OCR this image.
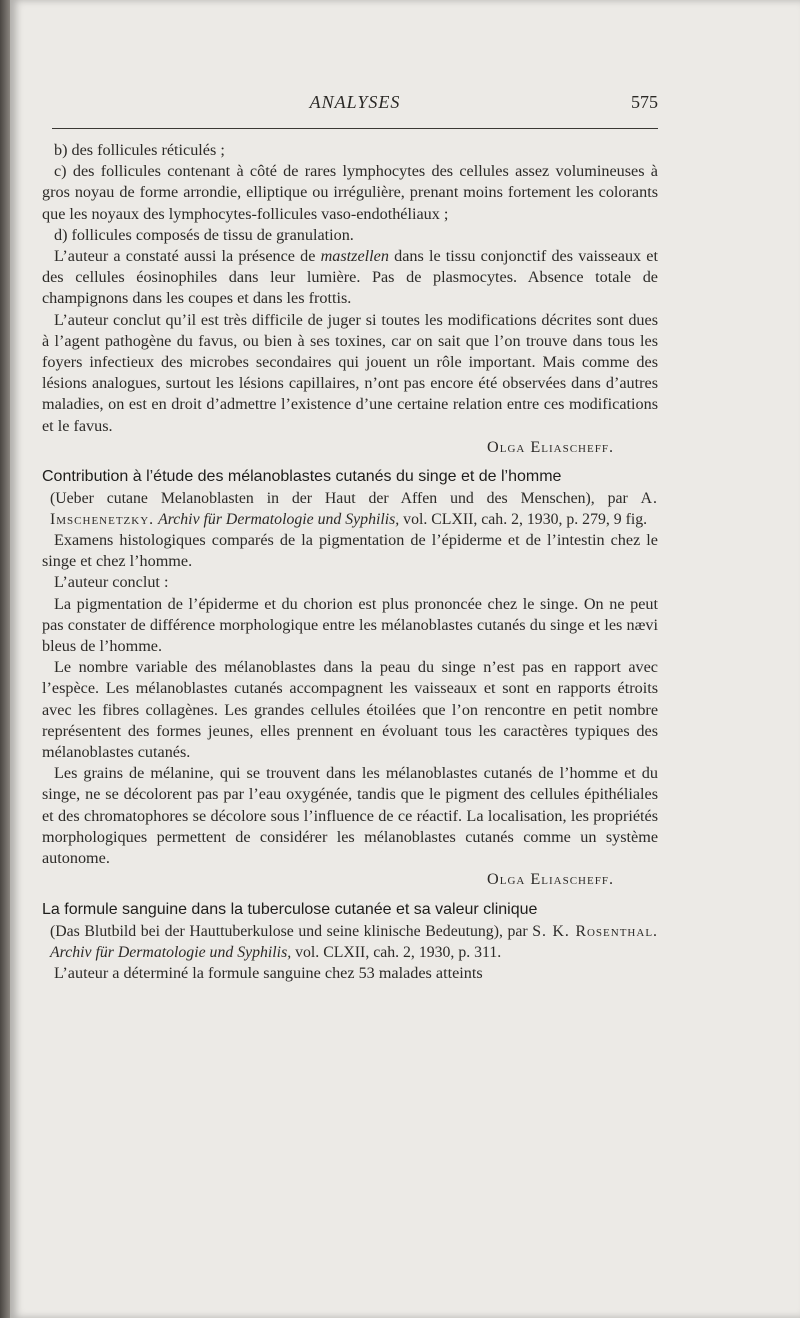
ANALYSES	575

b) des follicules réticulés ;

c) des follicules contenant à côté de rares lymphocytes des cellules assez volumineuses à gros noyau de forme arrondie, elliptique ou irrégulière, prenant moins fortement les colorants que les noyaux des lymphocytes-follicules vaso-endothéliaux ;

d) follicules composés de tissu de granulation.

L’auteur a constaté aussi la présence de mastzellen dans le tissu conjonctif des vaisseaux et des cellules éosinophiles dans leur lumière. Pas de plasmocytes. Absence totale de champignons dans les coupes et dans les frottis.

L’auteur conclut qu’il est très difficile de juger si toutes les modifications décrites sont dues à l’agent pathogène du favus, ou bien à ses toxines, car on sait que l’on trouve dans tous les foyers infectieux des microbes secondaires qui jouent un rôle important. Mais comme des lésions analogues, surtout les lésions capillaires, n’ont pas encore été observées dans d’autres maladies, on est en droit d’admettre l’existence d’une certaine relation entre ces modifications et le favus.

Olga Eliascheff.

Contribution à l’étude des mélanoblastes cutanés du singe et de l’homme

(Ueber cutane Melanoblasten in der Haut der Affen und des Menschen), par A. Imschenetzky. Archiv für Dermatologie und Syphilis, vol. CLXII, cah. 2, 1930, p. 279, 9 fig.

Examens histologiques comparés de la pigmentation de l’épiderme et de l’intestin chez le singe et chez l’homme.

L’auteur conclut :

La pigmentation de l’épiderme et du chorion est plus prononcée chez le singe. On ne peut pas constater de différence morphologique entre les mélanoblastes cutanés du singe et les nævi bleus de l’homme.

Le nombre variable des mélanoblastes dans la peau du singe n’est pas en rapport avec l’espèce. Les mélanoblastes cutanés accompagnent les vaisseaux et sont en rapports étroits avec les fibres collagènes. Les grandes cellules étoilées que l’on rencontre en petit nombre représentent des formes jeunes, elles prennent en évoluant tous les caractères typiques des mélanoblastes cutanés.

Les grains de mélanine, qui se trouvent dans les mélanoblastes cutanés de l’homme et du singe, ne se décolorent pas par l’eau oxygénée, tandis que le pigment des cellules épithéliales et des chromatophores se décolore sous l’influence de ce réactif. La localisation, les propriétés morphologiques permettent de considérer les mélanoblastes cutanés comme un système autonome.

Olga Eliascheff.

La formule sanguine dans la tuberculose cutanée et sa valeur clinique

(Das Blutbild bei der Hauttuberkulose und seine klinische Bedeutung), par S. K. Rosenthal. Archiv für Dermatologie und Syphilis, vol. CLXII, cah. 2, 1930, p. 311.

L’auteur a déterminé la formule sanguine chez 53 malades atteints
